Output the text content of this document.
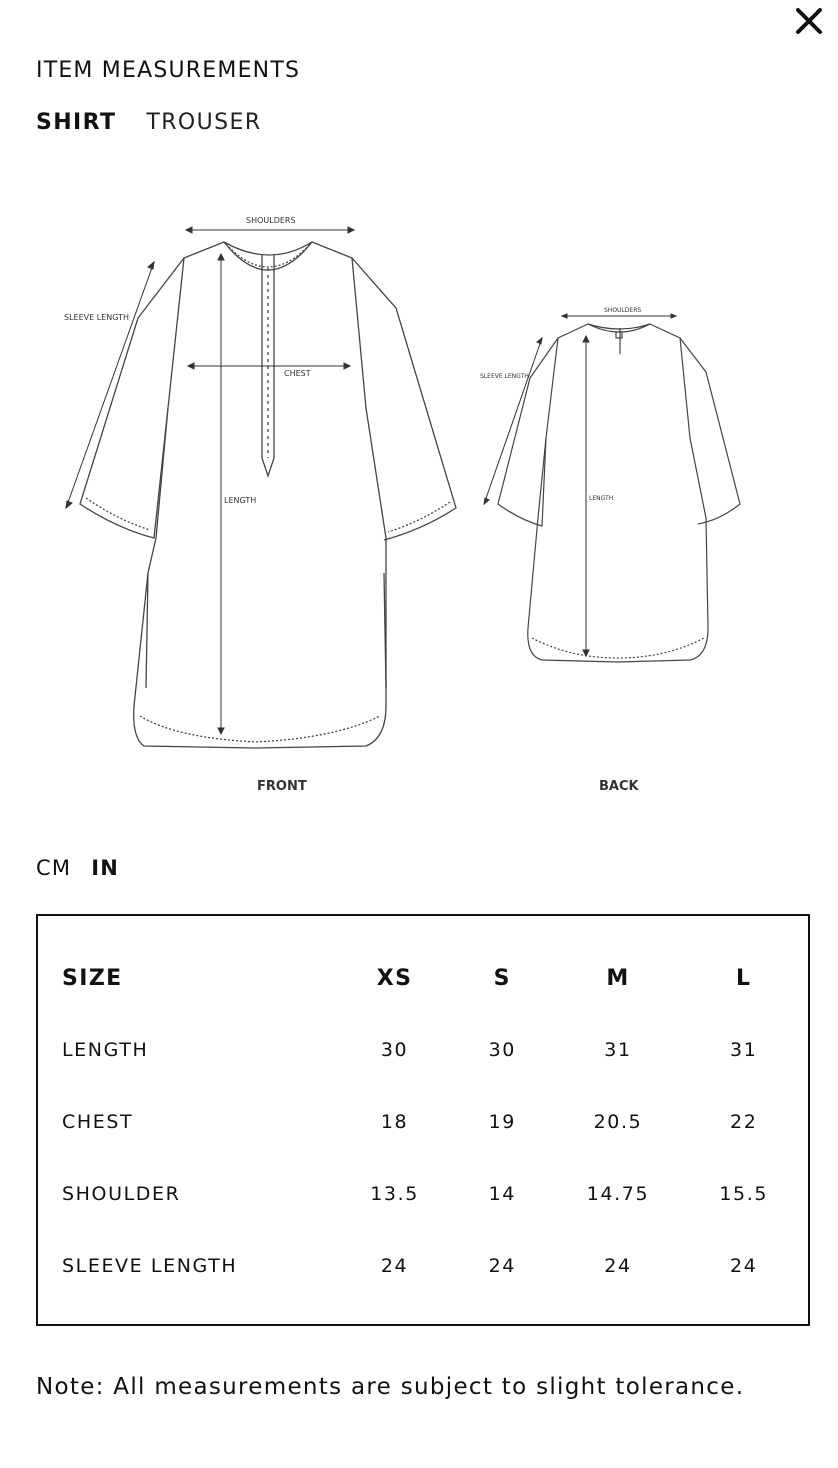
ITEM MEASUREMENTS
SHIRT TROUSER
SHOULDERS
SLEEVE LENGTH
CHEST
LENGTH
FRONT
SHOULDERS
SLEEVE LENGTH
LENGTH
BACK
CM IN
SIZE	XS	S	M	L
LENGTH	30	30	31	31
CHEST	18	19	20.5	22
SHOULDER	13.5	14	14.75	15.5
SLEEVE LENGTH	24	24	24	24
Note: All measurements are subject to slight tolerance.
